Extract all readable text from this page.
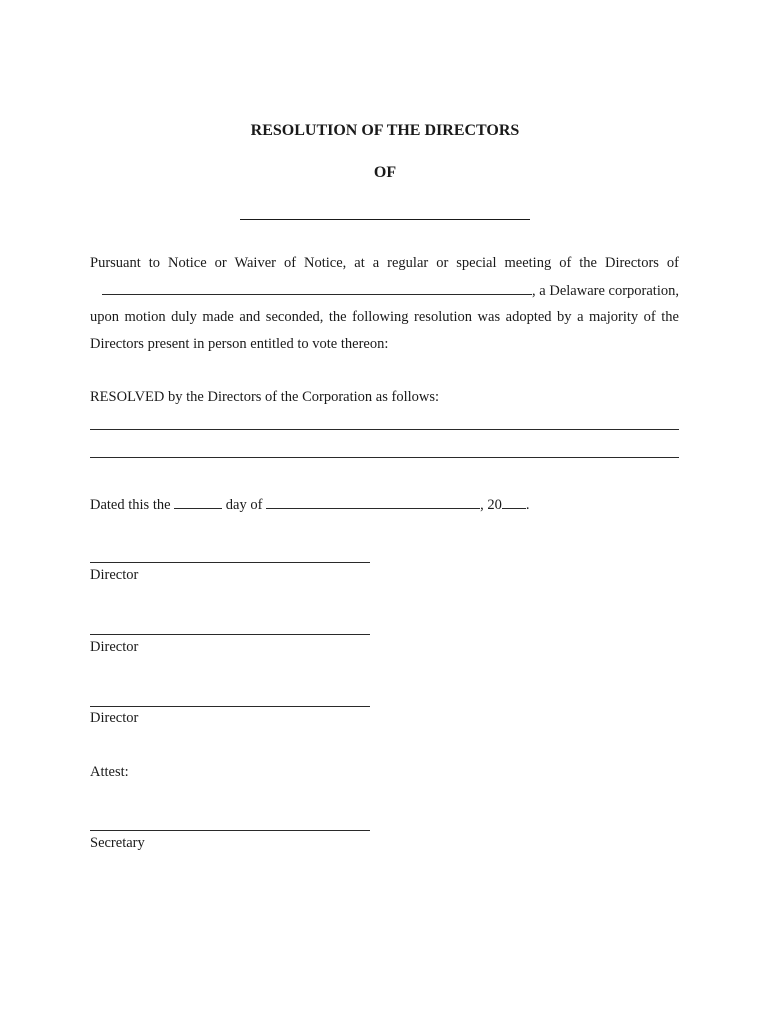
RESOLUTION OF THE DIRECTORS
OF
Pursuant to Notice or Waiver of Notice, at a regular or special meeting of the Directors of
, a Delaware corporation,
upon motion duly made and seconded, the following resolution was adopted by a majority of the
Directors present in person entitled to vote thereon:
RESOLVED by the Directors of the Corporation as follows:
Dated this the	day of	, 20 .
Director
Director
Director
Attest:
Secretary
